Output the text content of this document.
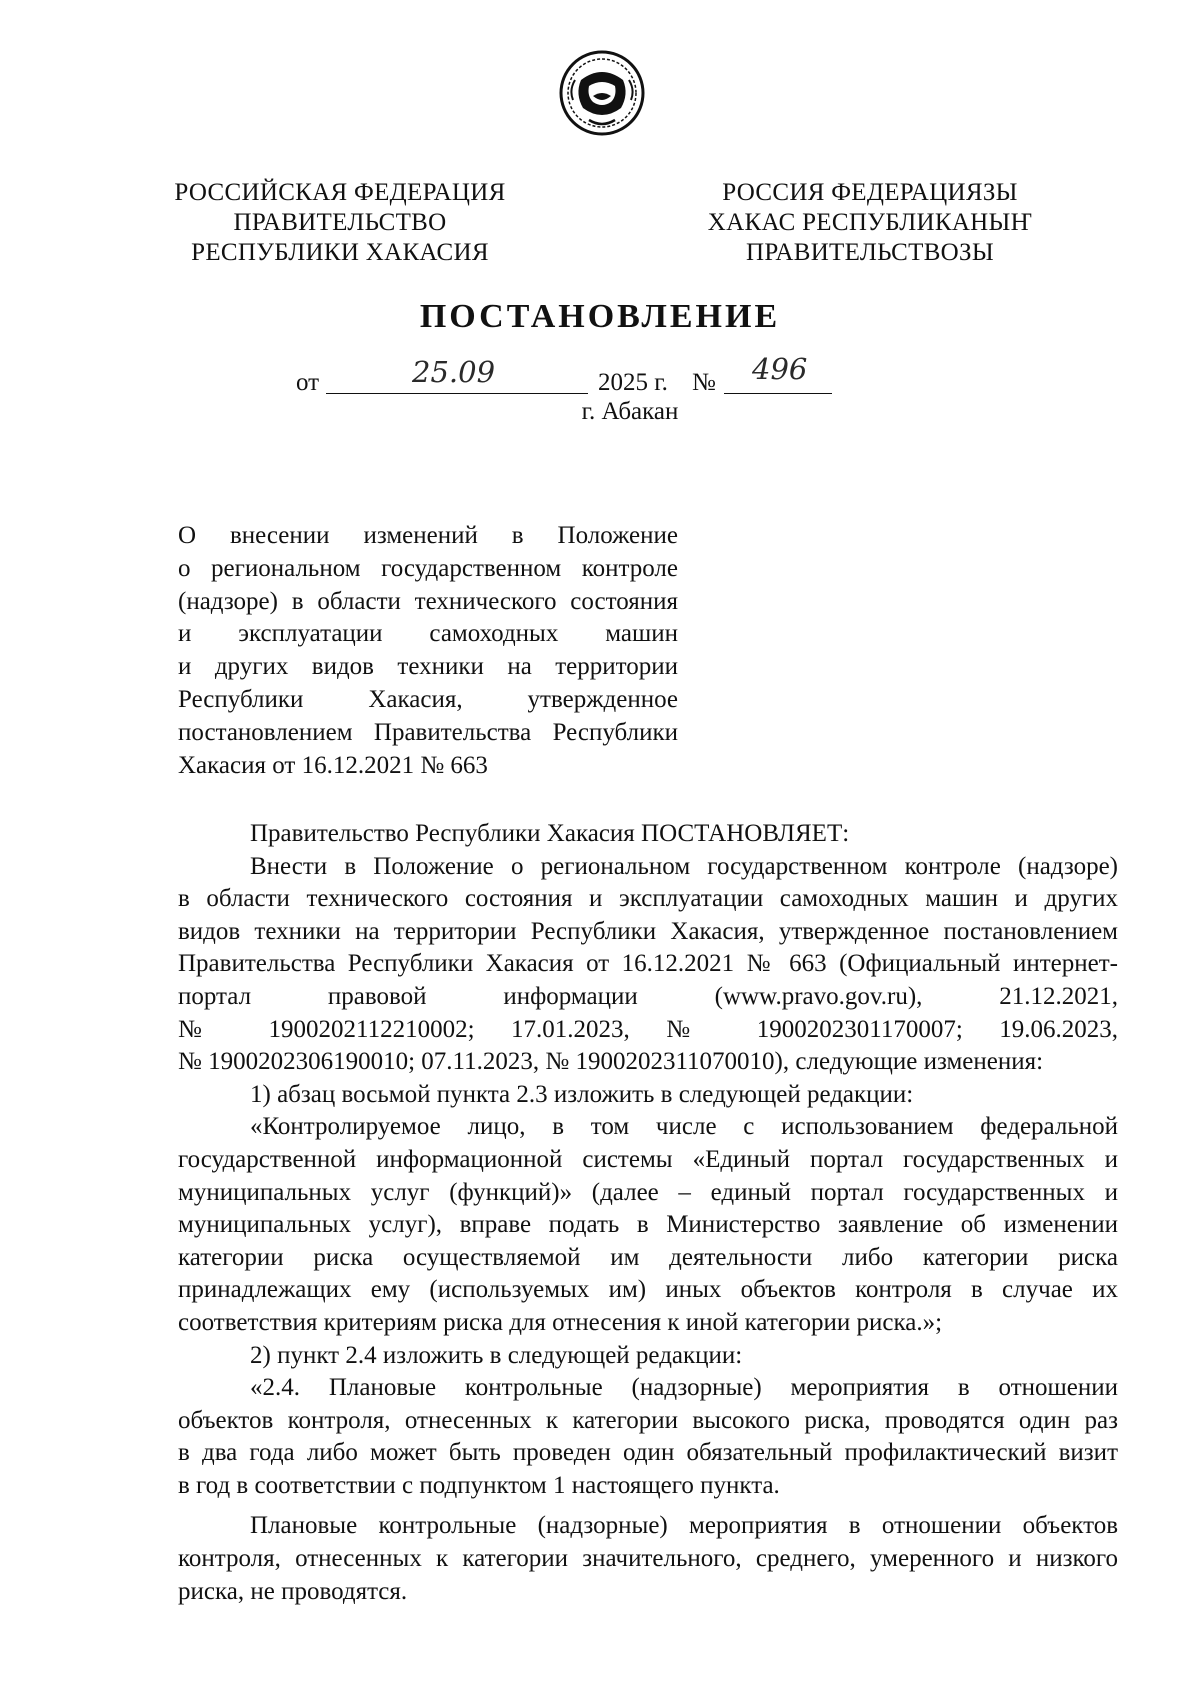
РОССИЙСКАЯ ФЕДЕРАЦИЯ
ПРАВИТЕЛЬСТВО
РЕСПУБЛИКИ ХАКАСИЯ
РОССИЯ ФЕДЕРАЦИЯЗЫ
ХАКАС РЕСПУБЛИКАНЫҤ
ПРАВИТЕЛЬСТВОЗЫ
ПОСТАНОВЛЕНИЕ
от	25.09	2025 г. № 496
г. Абакан
О внесении изменений в Положение
о региональном государственном контроле
(надзоре) в области технического состояния
и эксплуатации самоходных машин
и других видов техники на территории
Республики Хакасия, утвержденное
постановлением Правительства Республики
Хакасия от 16.12.2021 № 663
Правительство Республики Хакасия ПОСТАНОВЛЯЕТ:
Внести в Положение о региональном государственном контроле (надзоре)
в области технического состояния и эксплуатации самоходных машин и других
видов техники на территории Республики Хакасия, утвержденное постановлением
Правительства Республики Хакасия от 16.12.2021 № 663 (Официальный интернет-
портал правовой информации (www.pravo.gov.ru), 21.12.2021,
№ 1900202112210002; 17.01.2023, № 1900202301170007; 19.06.2023,
№ 1900202306190010; 07.11.2023, № 1900202311070010), следующие изменения:
1) абзац восьмой пункта 2.3 изложить в следующей редакции:
«Контролируемое лицо, в том числе с использованием федеральной
государственной информационной системы «Единый портал государственных и
муниципальных услуг (функций)» (далее – единый портал государственных и
муниципальных услуг), вправе подать в Министерство заявление об изменении
категории риска осуществляемой им деятельности либо категории риска
принадлежащих ему (используемых им) иных объектов контроля в случае их
соответствия критериям риска для отнесения к иной категории риска.»;
2) пункт 2.4 изложить в следующей редакции:
«2.4. Плановые контрольные (надзорные) мероприятия в отношении
объектов контроля, отнесенных к категории высокого риска, проводятся один раз
в два года либо может быть проведен один обязательный профилактический визит
в год в соответствии с подпунктом 1 настоящего пункта.
Плановые контрольные (надзорные) мероприятия в отношении объектов
контроля, отнесенных к категории значительного, среднего, умеренного и низкого
риска, не проводятся.
